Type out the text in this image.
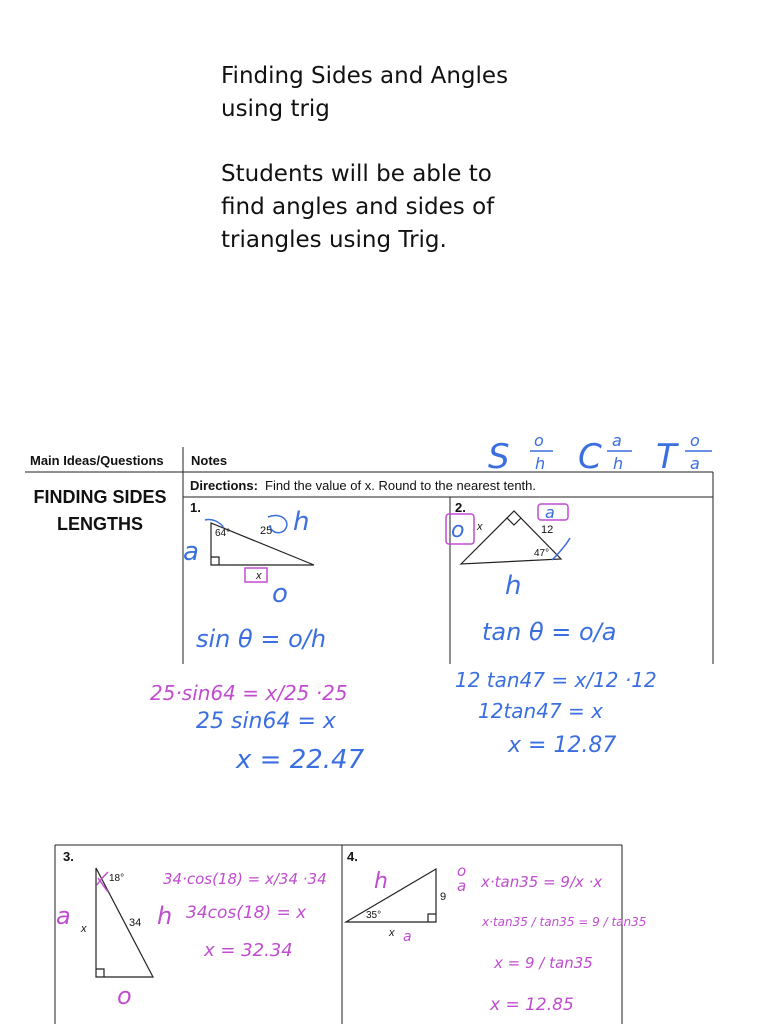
Finding Sides and Angles

using trig

Students will be able to

find angles and sides of

triangles using Trig.

Main Ideas/Questions Notes
FINDING SIDES
LENGTHS
Directions: Find the value of x. Round to the nearest tenth.
1.
64°	25
x
2.
x	12
47°
3.
18°
34
x
4.
35°
9
x
S o
h C a
h T o
a
a
h
o
sin θ = o/h
25·sin64 = x/25 ·25
25 sin64 = x
x = 22.47
o
a
h
tan θ = o/a
12 tan47 = x/12 ·12
12tan47 = x
x = 12.87
a	h
o
34·cos(18) = x/34 ·34
34cos(18) = x
x = 32.34
h	o
a
a
x·tan35 = 9/x ·x
x·tan35 / tan35 = 9 / tan35
x = 9 / tan35
x = 12.85
